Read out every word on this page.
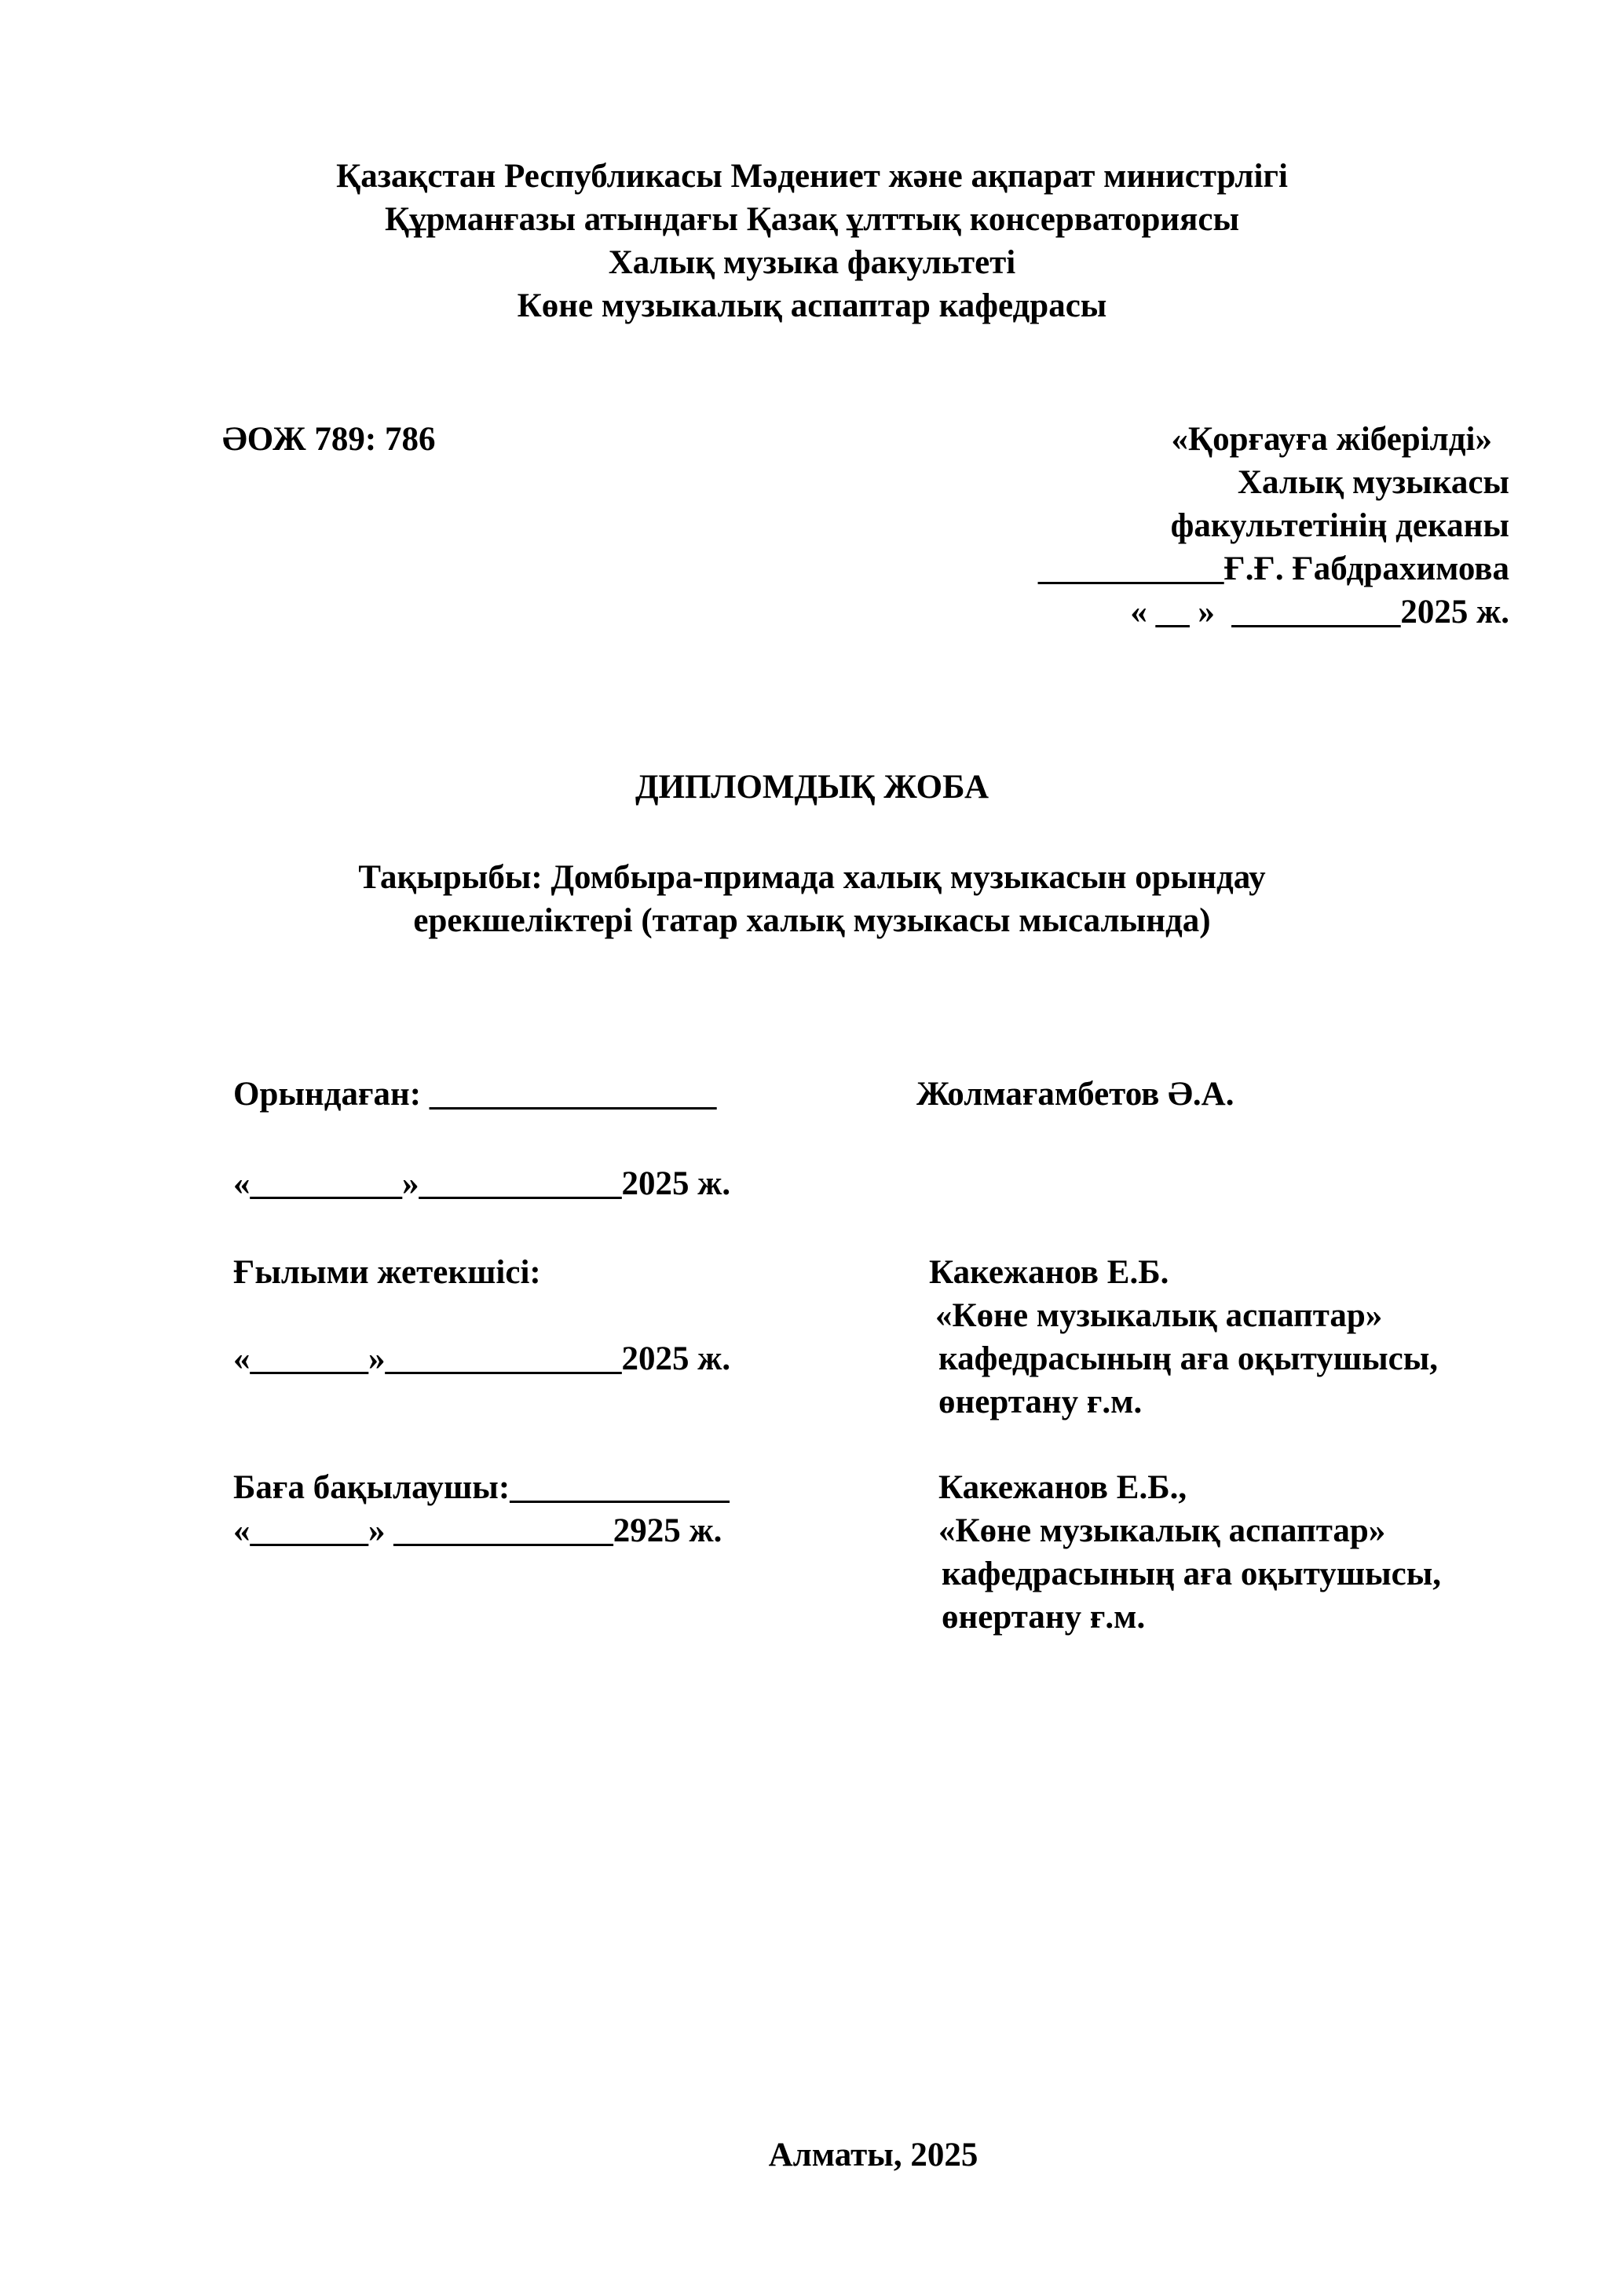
Қазақстан Республикасы Мәдениет және ақпарат министрлігі
Құрманғазы атындағы Қазақ ұлттық консерваториясы
Халық музыка факультеті
Көне музыкалық аспаптар кафедрасы
ӘОЖ 789: 786	«Қорғауға жіберілді»
Халық музыкасы
факультетінің деканы
___________Ғ.Ғ. Ғабдрахимова
« __ »  __________2025 ж.
ДИПЛОМДЫҚ ЖОБА
Тақырыбы: Домбыра-примада халық музыкасын орындау
ерекшеліктері (татар халық музыкасы мысалында)
Орындаған: _________________	Жолмағамбетов Ә.А.
«_________»____________2025 ж.
Ғылыми жетекшісі:	Какежанов Е.Б.
«Көне музыкалық аспаптар»
«_______»______________2025 ж.	кафедрасының аға оқытушысы,
өнертану ғ.м.
Баға бақылаушы:_____________	Какежанов Е.Б.,
«_______» _____________2925 ж.	«Көне музыкалық аспаптар»
кафедрасының аға оқытушысы,
өнертану ғ.м.
Алматы, 2025
